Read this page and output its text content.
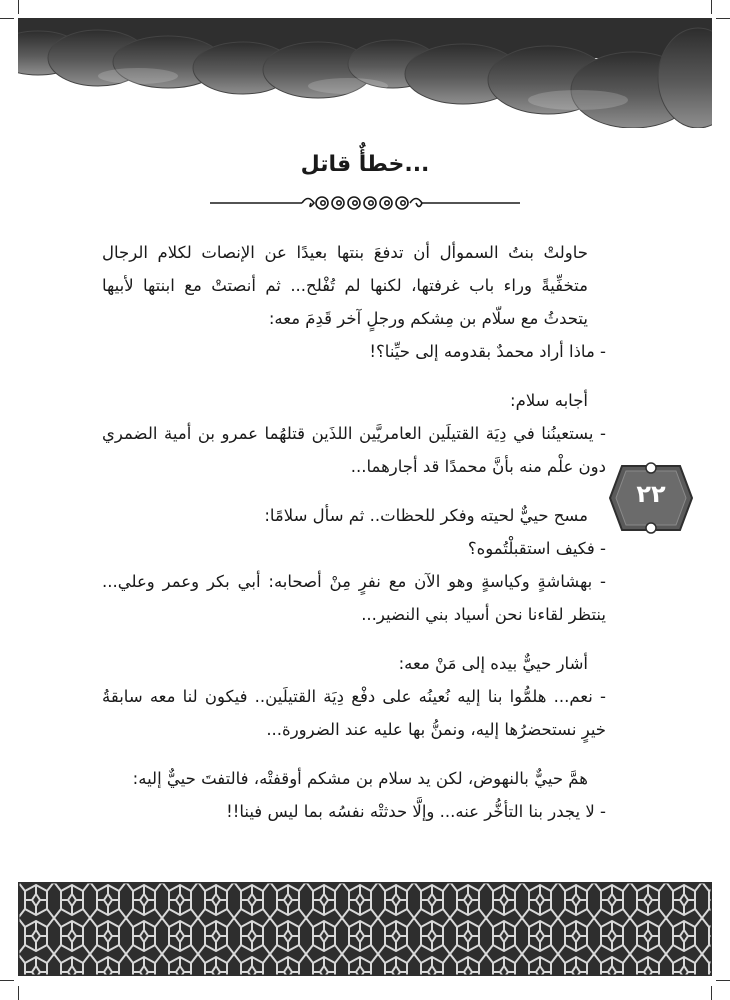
خطأٌ قاتل...

حاولتْ بنتُ السموأل أن تدفعَ بنتها بعيدًا عن الإنصات لكلام الرجال متخفِّيةً وراء باب غرفتها، لكنها لم تُفْلح... ثم أنصتتْ مع ابنتها لأبيها يتحدثُ مع سلّام بن مِشكم ورجلٍ آخر قَدِمَ معه:

- ماذا أراد محمدٌ بقدومه إلى حيِّنا؟!

أجابه سلام:

- يستعينُنا في دِيَة القتيلَين العامريَّين اللذَين قتلهُما عمرو بن أمية الضمري دون علْم منه بأنَّ محمدًا قد أجارهما...

مسح حييٌّ لحيته وفكر للحظات.. ثم سأل سلامًا:

- فكيف استقبلْتُموه؟

- بهشاشةٍ وكياسةٍ وهو الآن مع نفرٍ مِنْ أصحابه: أبي بكر وعمر وعلي... ينتظر لقاءنا نحن أسياد بني النضير...

أشار حييٌّ بيده إلى مَنْ معه:

- نعم... هلمُّوا بنا إليه نُعينُه على دفْع دِيَة القتيلَين.. فيكون لنا معه سابقةُ خيرٍ نستحضرُها إليه، ونمنُّ بها عليه عند الضرورة...

همَّ حييٌّ بالنهوض، لكن يد سلام بن مشكم أوقفتْه، فالتفتَ حييٌّ إليه:

- لا يجدر بنا التأخُّر عنه... وإلَّا حدثتْه نفسُه بما ليس فينا!!

٢٢
